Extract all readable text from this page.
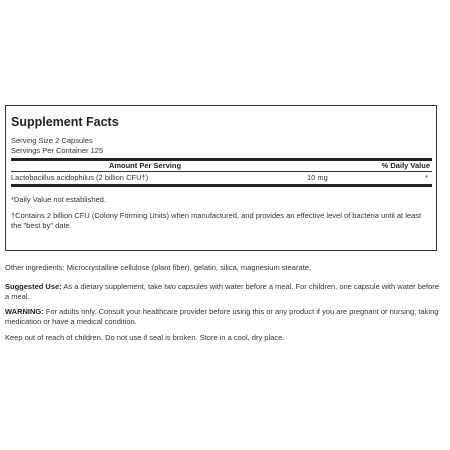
Supplement Facts
Serving Size 2 Capsules
Servings Per Container 125
Amount Per Serving	% Daily Value
Lactobacillus acidophilus (2 billion CFU†)	10 mg	*
*Daily Value not established.
†Contains 2 billion CFU (Colony Forming Units) when manufactured, and provides an effective level of bacteria until at least the "best by" date.
Other ingredients: Microcrystalline cellulose (plant fiber), gelatin, silica, magnesium stearate.
Suggested Use: As a dietary supplement, take two capsules with water before a meal. For children, one capsule with water before a meal.
WARNING: For adults only. Consult your healthcare provider before using this or any product if you are pregnant or nursing, taking medication or have a medical condition.
Keep out of reach of children. Do not use if seal is broken. Store in a cool, dry place.
